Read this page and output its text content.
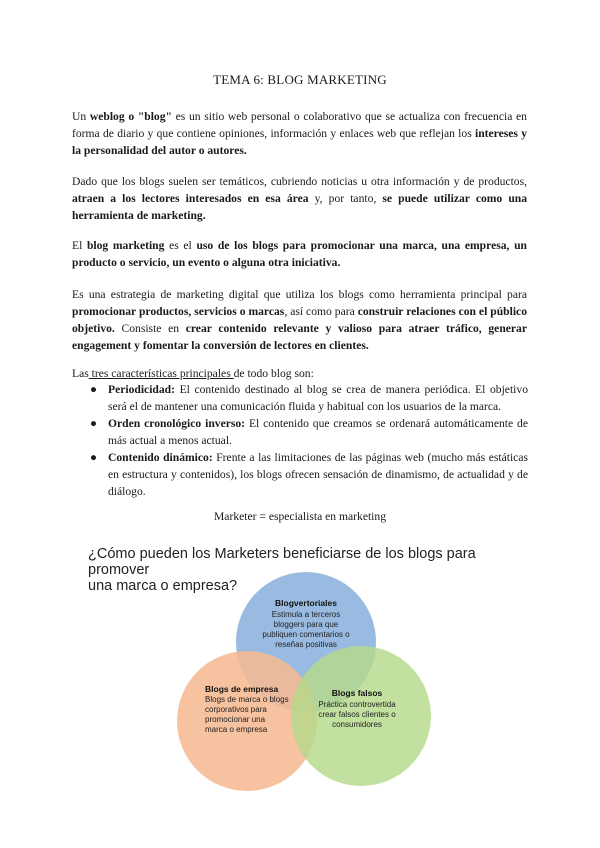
TEMA 6: BLOG MARKETING

Un weblog o "blog" es un sitio web personal o colaborativo que se actualiza con frecuencia en forma de diario y que contiene opiniones, información y enlaces web que reflejan los intereses y la personalidad del autor o autores.

Dado que los blogs suelen ser temáticos, cubriendo noticias u otra información y de productos, atraen a los lectores interesados en esa área y, por tanto, se puede utilizar como una herramienta de marketing.

El blog marketing es el uso de los blogs para promocionar una marca, una empresa, un producto o servicio, un evento o alguna otra iniciativa.

Es una estrategia de marketing digital que utiliza los blogs como herramienta principal para promocionar productos, servicios o marcas, así como para construir relaciones con el público objetivo. Consiste en crear contenido relevante y valioso para atraer tráfico, generar engagement y fomentar la conversión de lectores en clientes.

Las tres características principales de todo blog son:
● Periodicidad: El contenido destinado al blog se crea de manera periódica. El objetivo será el de mantener una comunicación fluida y habitual con los usuarios de la marca.
● Orden cronológico inverso: El contenido que creamos se ordenará automáticamente de más actual a menos actual.
● Contenido dinámico: Frente a las limitaciones de las páginas web (mucho más estáticas en estructura y contenidos), los blogs ofrecen sensación de dinamismo, de actualidad y de diálogo.
Marketer = especialista en marketing
¿Cómo pueden los Marketers beneficiarse de los blogs para promover
una marca o empresa?
Blogvertoriales
Estimula a terceros
bloggers para que
publiquen comentarios o
reseñas positivas
Blogs de empresa
Blogs de marca o blogs
corporativos para
promocionar una
marca o empresa
Blogs falsos
Práctica controvertida
crear falsos clientes o
consumidores
